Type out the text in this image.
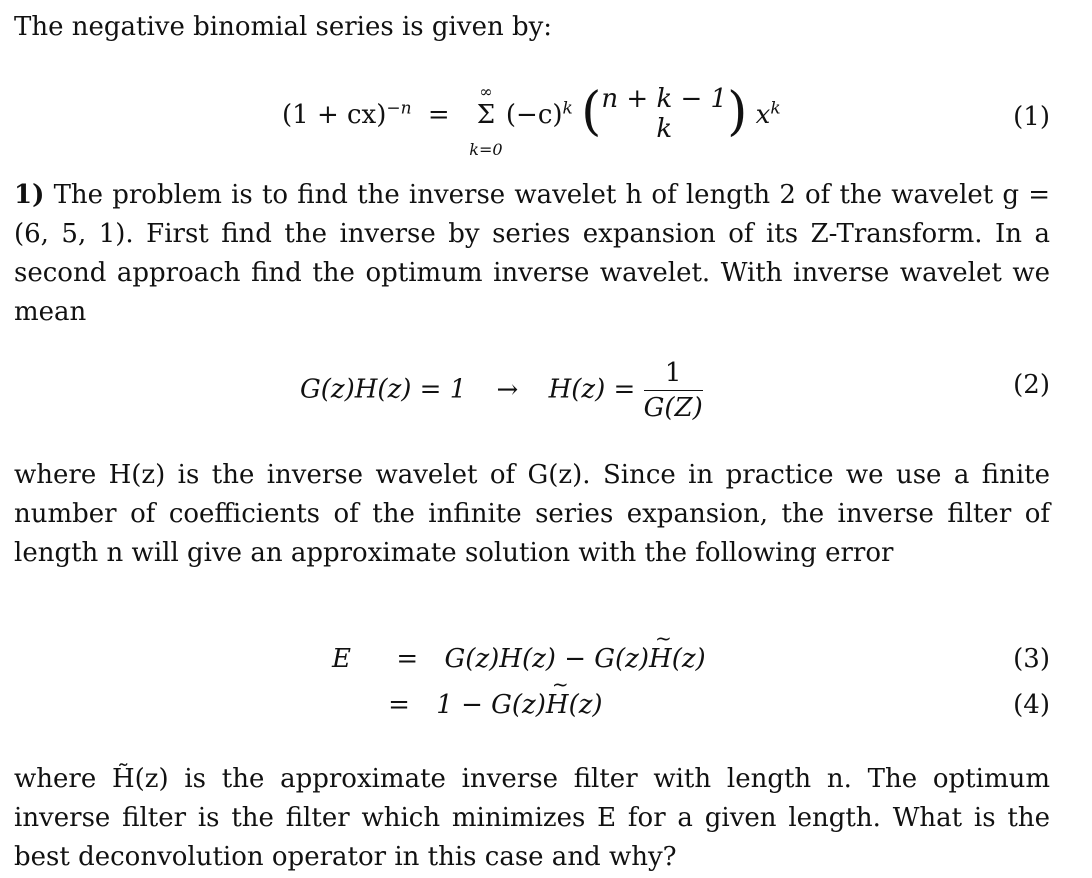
The negative binomial series is given by:
(1 + cx)$^{-n}$ =
∞
Σ
k=0
$(-c)^k$ ( n + k − 1
k	) $x^k$	(1)
1) The problem is to find the inverse wavelet h of length 2 of the wavelet g = (6, 5, 1). First find the inverse by series expansion of its Z-Transform. In a second approach find the optimum inverse wavelet. With inverse wavelet we mean
$G(z)H(z) = 1 \to H(z) = \frac{1}{G(Z)}$	(2)
where H(z) is the inverse wavelet of G(z). Since in practice we use a finite number of coefficients of the infinite series expansion, the inverse filter of length n will give an approximate solution with the following error
E = G(z)H(z) − G(z)~ H(z)	(3)
= 1 − G(z)~ H(z)	(4)
where H̃(z) is the approximate inverse filter with length n. The optimum inverse filter is the filter which minimizes E for a given length. What is the best deconvolution operator in this case and why?
